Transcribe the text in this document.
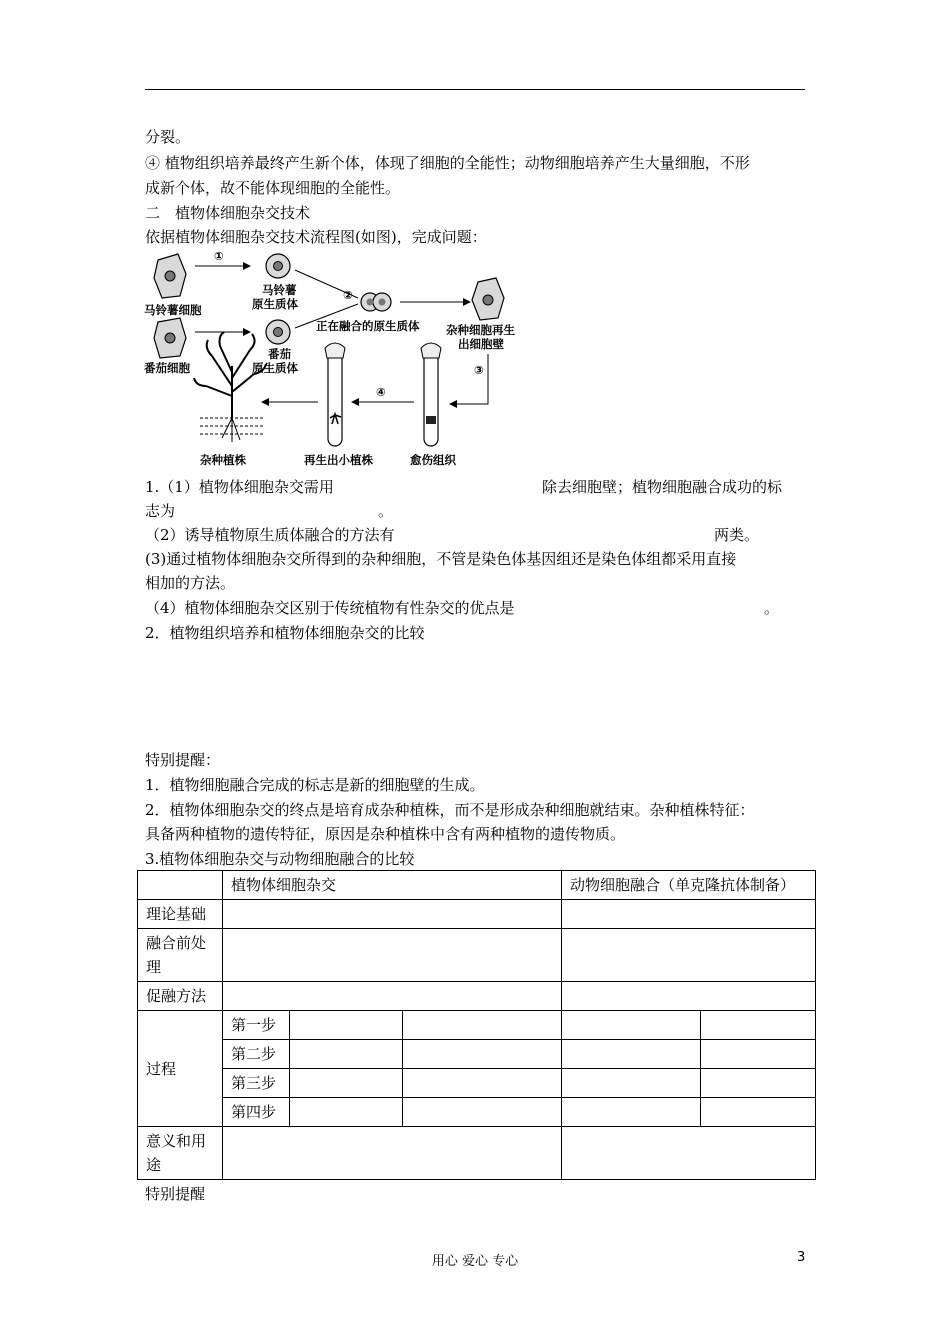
分裂。
④ 植物组织培养最终产生新个体，体现了细胞的全能性；动物细胞培养产生大量细胞，不形
成新个体，故不能体现细胞的全能性。
二　植物体细胞杂交技术
依据植物体细胞杂交技术流程图(如图)，完成问题：
马铃薯细胞
①
马铃薯
原生质体
番茄细胞
番茄
原生质体
②
正在融合的原生质体 杂种细胞再生
出细胞壁
③
愈伤组织
④
再生出小植株
杂种植株
1.（1）植物体细胞杂交需用	除去细胞壁；植物细胞融合成功的标
志为	。
（2）诱导植物原生质体融合的方法有	两类。
(3)通过植物体细胞杂交所得到的杂种细胞，不管是染色体基因组还是染色体组都采用直接
相加的方法。
（4）植物体细胞杂交区别于传统植物有性杂交的优点是	。
2．植物组织培养和植物体细胞杂交的比较
特别提醒：
1．植物细胞融合完成的标志是新的细胞壁的生成。
2．植物体细胞杂交的终点是培育成杂种植株，而不是形成杂种细胞就结束。杂种植株特征：
具备两种植物的遗传特征，原因是杂种植株中含有两种植物的遗传物质。
3.植物体细胞杂交与动物细胞融合的比较
	植物体细胞杂交			动物细胞融合（单克隆抗体制备）	
理论基础					
融合前处理					
促融方法					
过程	第一步				
	第二步				
	第三步				
	第四步				
意义和用途					
特别提醒
用心 爱心 专心	3
